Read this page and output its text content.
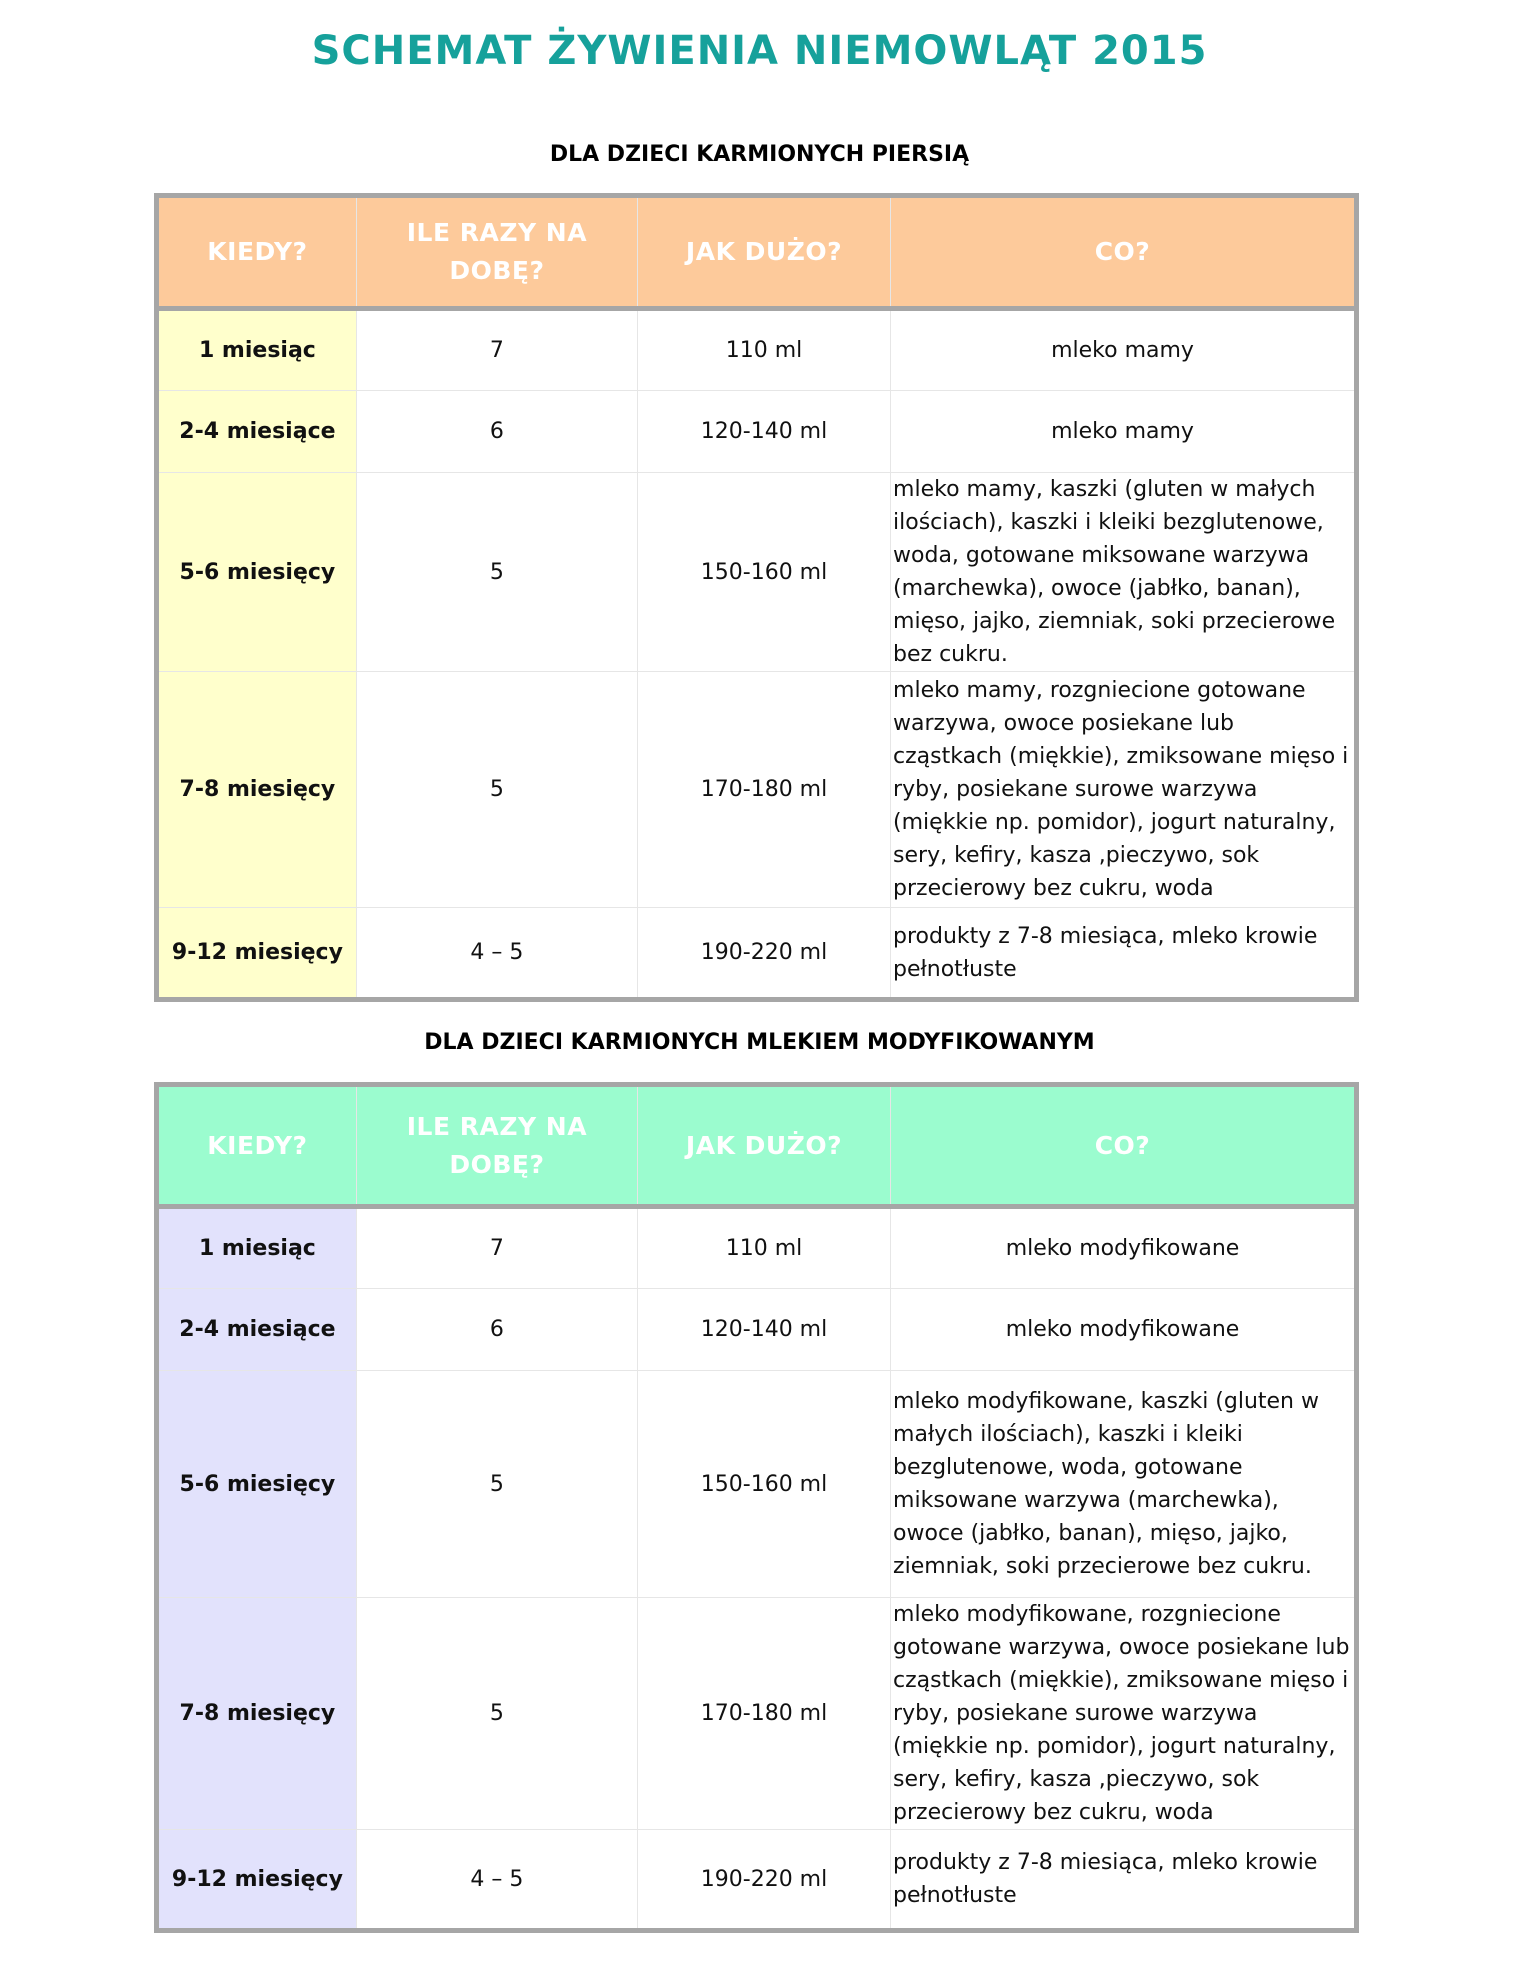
SCHEMAT ŻYWIENIA NIEMOWLĄT 2015
DLA DZIECI KARMIONYCH PIERSIĄ
KIEDY?	ILE RAZY NA DOBĘ?	JAK DUŻO?	CO?
1 miesiąc	7	110 ml	mleko mamy
2-4 miesiące	6	120-140 ml	mleko mamy
5-6 miesięcy	5	150-160 ml	mleko mamy, kaszki (gluten w małych ilościach), kaszki i kleiki bezglutenowe, woda, gotowane miksowane warzywa (marchewka), owoce (jabłko, banan), mięso, jajko, ziemniak, soki przecierowe bez cukru.
7-8 miesięcy	5	170-180 ml	mleko mamy, rozgniecione gotowane warzywa, owoce posiekane lub cząstkach (miękkie), zmiksowane mięso i ryby, posiekane surowe warzywa (miękkie np. pomidor), jogurt naturalny, sery, kefiry, kasza ,pieczywo, sok przecierowy bez cukru, woda
9-12 miesięcy	4 – 5	190-220 ml	produkty z 7-8 miesiąca, mleko krowie pełnotłuste
DLA DZIECI KARMIONYCH MLEKIEM MODYFIKOWANYM
KIEDY?	ILE RAZY NA DOBĘ?	JAK DUŻO?	CO?
1 miesiąc	7	110 ml	mleko modyfikowane
2-4 miesiące	6	120-140 ml	mleko modyfikowane
5-6 miesięcy	5	150-160 ml	mleko modyfikowane, kaszki (gluten w małych ilościach), kaszki i kleiki bezglutenowe, woda, gotowane miksowane warzywa (marchewka), owoce (jabłko, banan), mięso, jajko, ziemniak, soki przecierowe bez cukru.
7-8 miesięcy	5	170-180 ml	mleko modyfikowane, rozgniecione gotowane warzywa, owoce posiekane lub cząstkach (miękkie), zmiksowane mięso i ryby, posiekane surowe warzywa (miękkie np. pomidor), jogurt naturalny, sery, kefiry, kasza ,pieczywo, sok przecierowy bez cukru, woda
9-12 miesięcy	4 – 5	190-220 ml	produkty z 7-8 miesiąca, mleko krowie pełnotłuste
